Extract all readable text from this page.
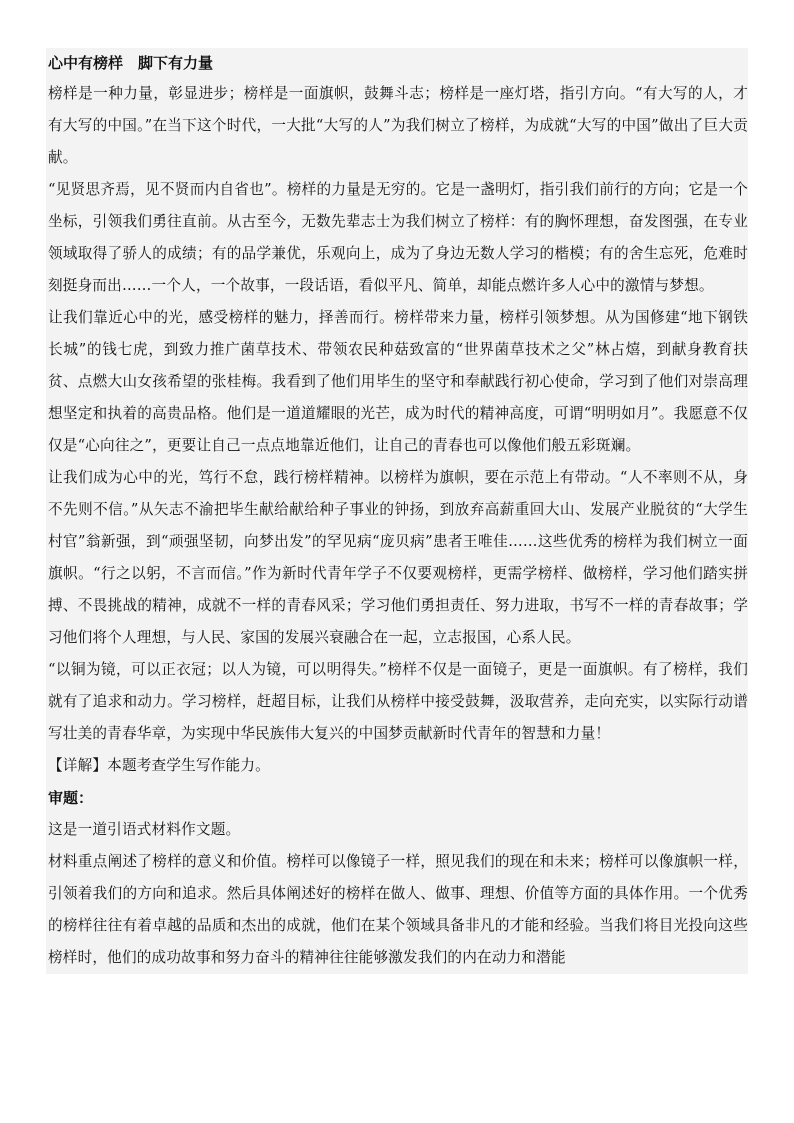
心中有榜样　脚下有力量

榜样是一种力量，彰显进步；榜样是一面旗帜，鼓舞斗志；榜样是一座灯塔，指引方向。“有大写的人，才有大写的中国。”在当下这个时代，一大批“大写的人”为我们树立了榜样，为成就“大写的中国”做出了巨大贡献。

“见贤思齐焉，见不贤而内自省也”。榜样的力量是无穷的。它是一盏明灯，指引我们前行的方向；它是一个坐标，引领我们勇往直前。从古至今，无数先辈志士为我们树立了榜样：有的胸怀理想，奋发图强，在专业领域取得了骄人的成绩；有的品学兼优，乐观向上，成为了身边无数人学习的楷模；有的舍生忘死，危难时刻挺身而出……一个人，一个故事，一段话语，看似平凡、简单，却能点燃许多人心中的激情与梦想。

让我们靠近心中的光，感受榜样的魅力，择善而行。榜样带来力量，榜样引领梦想。从为国修建“地下钢铁长城”的钱七虎，到致力推广菌草技术、带领农民种菇致富的“世界菌草技术之父”林占熺，到献身教育扶贫、点燃大山女孩希望的张桂梅。我看到了他们用毕生的坚守和奉献践行初心使命，学习到了他们对崇高理想坚定和执着的高贵品格。他们是一道道耀眼的光芒，成为时代的精神高度，可谓“明明如月”。我愿意不仅仅是“心向往之”，更要让自己一点点地靠近他们，让自己的青春也可以像他们般五彩斑斓。

让我们成为心中的光，笃行不怠，践行榜样精神。以榜样为旗帜，要在示范上有带动。“人不率则不从，身不先则不信。”从矢志不渝把毕生献给献给种子事业的钟扬，到放弃高薪重回大山、发展产业脱贫的“大学生村官”翁新强，到“顽强坚韧，向梦出发”的罕见病“庞贝病”患者王唯佳……这些优秀的榜样为我们树立一面旗帜。“行之以躬，不言而信。”作为新时代青年学子不仅要观榜样，更需学榜样、做榜样，学习他们踏实拼搏、不畏挑战的精神，成就不一样的青春风采；学习他们勇担责任、努力进取，书写不一样的青春故事；学习他们将个人理想，与人民、家国的发展兴衰融合在一起，立志报国，心系人民。

“以铜为镜，可以正衣冠；以人为镜，可以明得失。”榜样不仅是一面镜子，更是一面旗帜。有了榜样，我们就有了追求和动力。学习榜样，赶超目标，让我们从榜样中接受鼓舞，汲取营养，走向充实，以实际行动谱写壮美的青春华章，为实现中华民族伟大复兴的中国梦贡献新时代青年的智慧和力量！

【详解】本题考查学生写作能力。

审题：

这是一道引语式材料作文题。

材料重点阐述了榜样的意义和价值。榜样可以像镜子一样，照见我们的现在和未来；榜样可以像旗帜一样，引领着我们的方向和追求。然后具体阐述好的榜样在做人、做事、理想、价值等方面的具体作用。一个优秀的榜样往往有着卓越的品质和杰出的成就，他们在某个领域具备非凡的才能和经验。当我们将目光投向这些榜样时，他们的成功故事和努力奋斗的精神往往能够激发我们的内在动力和潜能
